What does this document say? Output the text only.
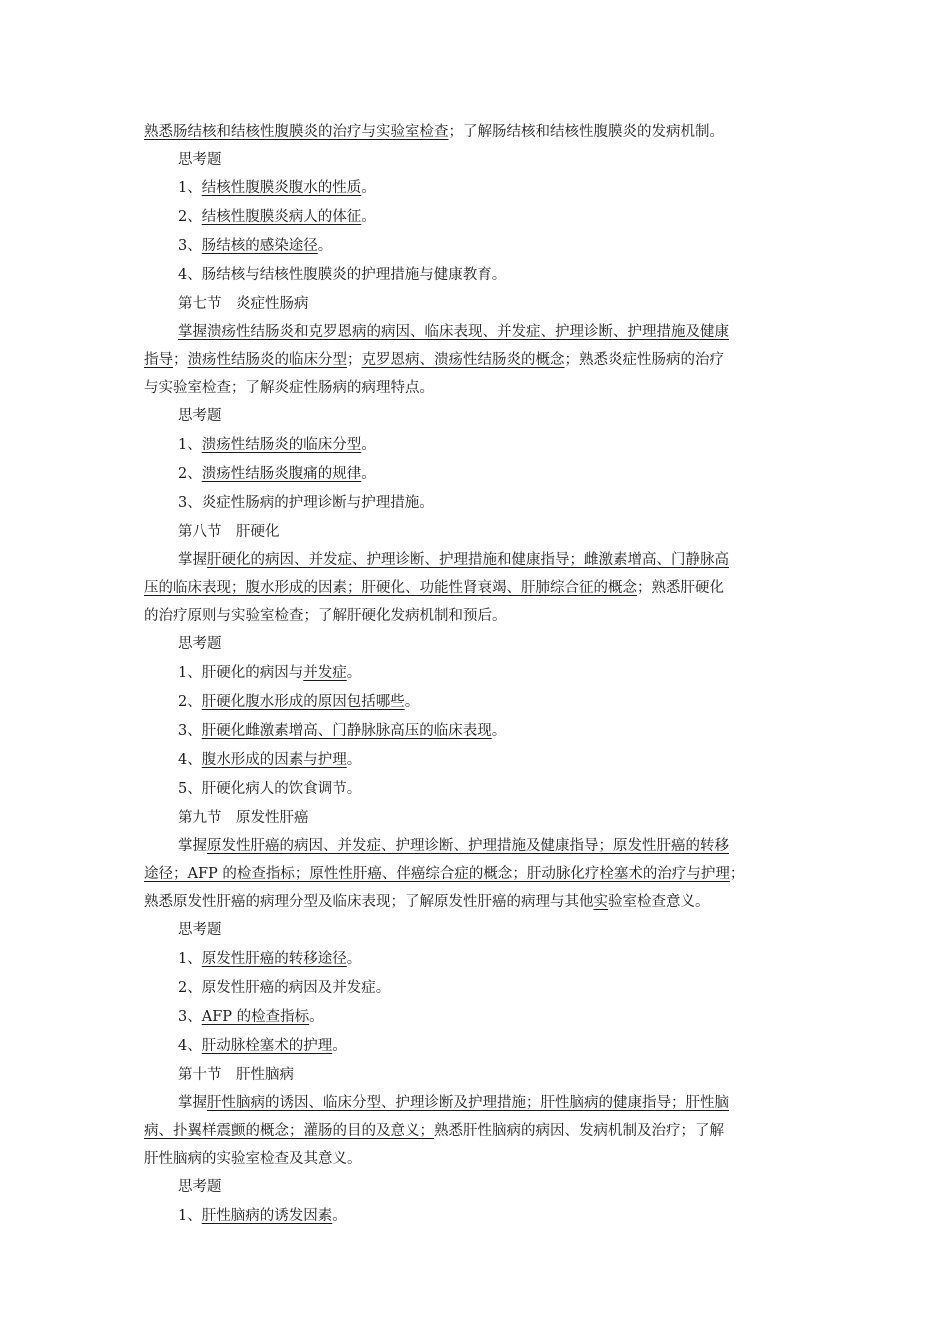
熟悉肠结核和结核性腹膜炎的治疗与实验室检查；了解肠结核和结核性腹膜炎的发病机制。
思考题
1、结核性腹膜炎腹水的性质。
2、结核性腹膜炎病人的体征。
3、肠结核的感染途径。
4、肠结核与结核性腹膜炎的护理措施与健康教育。
第七节　炎症性肠病
掌握溃疡性结肠炎和克罗恩病的病因、临床表现、并发症、护理诊断、护理措施及健康
指导；溃疡性结肠炎的临床分型；克罗恩病、溃疡性结肠炎的概念；熟悉炎症性肠病的治疗
与实验室检查；了解炎症性肠病的病理特点。
思考题
1、溃疡性结肠炎的临床分型。
2、溃疡性结肠炎腹痛的规律。
3、炎症性肠病的护理诊断与护理措施。
第八节　肝硬化
掌握肝硬化的病因、并发症、护理诊断、护理措施和健康指导；雌激素增高、门静脉高
压的临床表现；腹水形成的因素；肝硬化、功能性肾衰竭、肝肺综合征的概念；熟悉肝硬化
的治疗原则与实验室检查；了解肝硬化发病机制和预后。
思考题
1、肝硬化的病因与并发症。
2、肝硬化腹水形成的原因包括哪些。
3、肝硬化雌激素增高、门静脉脉高压的临床表现。
4、腹水形成的因素与护理。
5、肝硬化病人的饮食调节。
第九节　原发性肝癌
掌握原发性肝癌的病因、并发症、护理诊断、护理措施及健康指导；原发性肝癌的转移
途径；AFP 的检查指标；原性性肝癌、伴癌综合症的概念；肝动脉化疗栓塞术的治疗与护理；
熟悉原发性肝癌的病理分型及临床表现；了解原发性肝癌的病理与其他实验室检查意义。
思考题
1、原发性肝癌的转移途径。
2、原发性肝癌的病因及并发症。
3、AFP 的检查指标。
4、肝动脉栓塞术的护理。
第十节　肝性脑病
掌握肝性脑病的诱因、临床分型、护理诊断及护理措施；肝性脑病的健康指导；肝性脑
病、扑翼样震颤的概念；灌肠的目的及意义；熟悉肝性脑病的病因、发病机制及治疗；了解
肝性脑病的实验室检查及其意义。
思考题
1、肝性脑病的诱发因素。
